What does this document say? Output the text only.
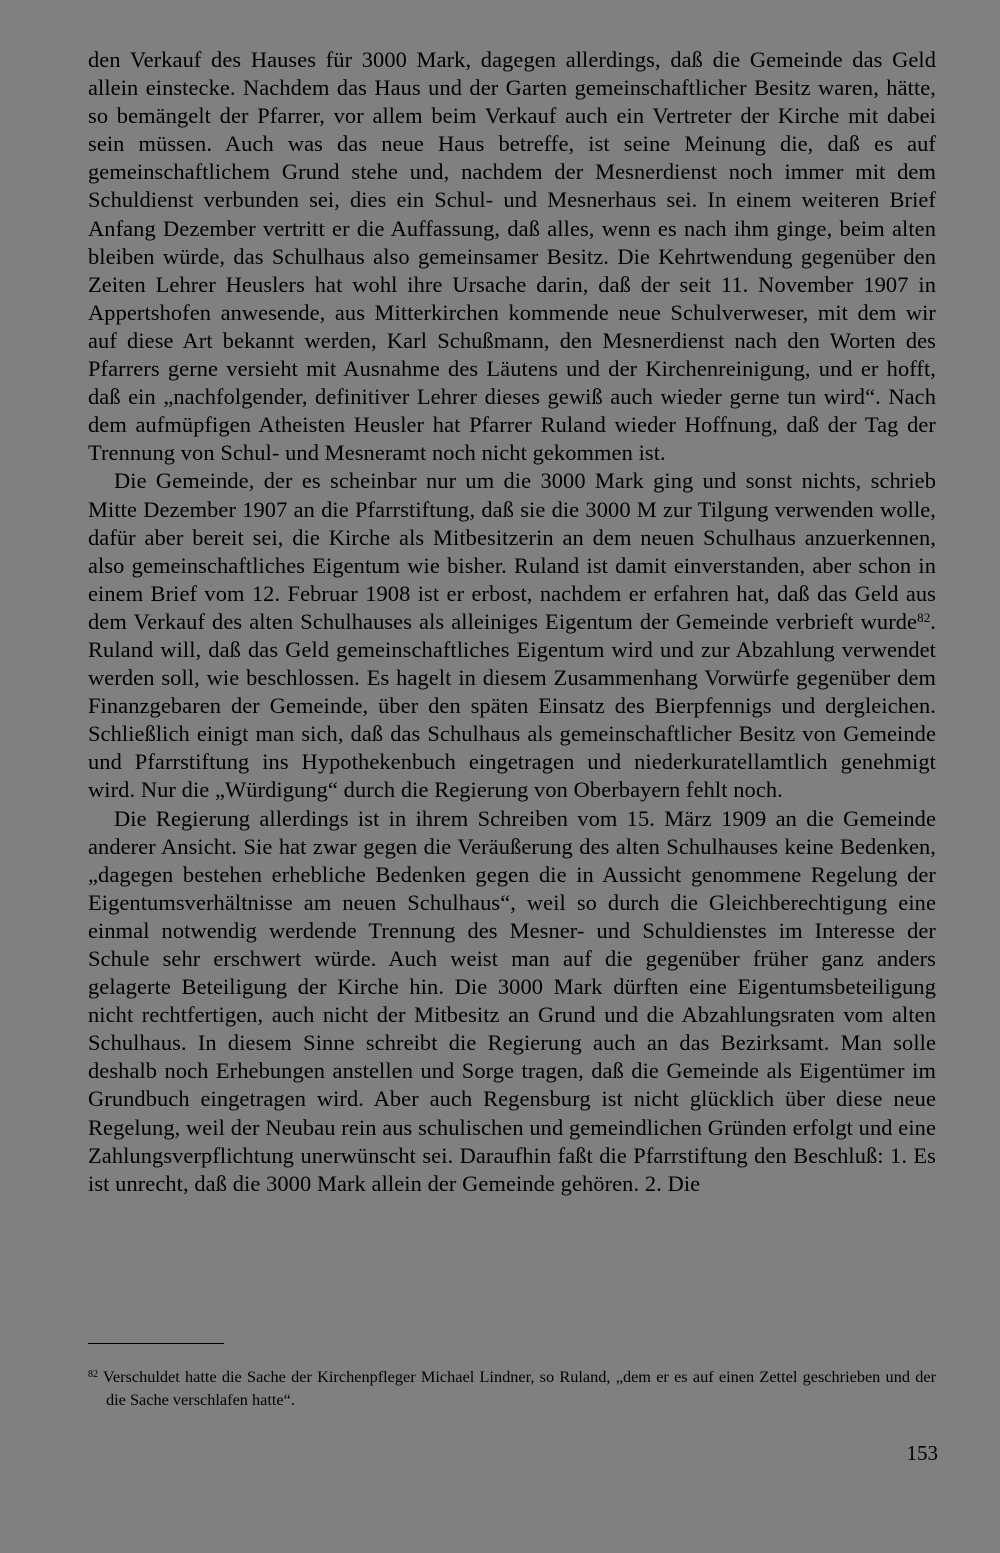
den Verkauf des Hauses für 3000 Mark, dagegen allerdings, daß die Gemeinde das Geld allein einstecke. Nachdem das Haus und der Garten gemeinschaftlicher Besitz waren, hätte, so bemängelt der Pfarrer, vor allem beim Verkauf auch ein Vertreter der Kirche mit dabei sein müssen. Auch was das neue Haus betreffe, ist seine Meinung die, daß es auf gemeinschaftlichem Grund stehe und, nachdem der Mesnerdienst noch immer mit dem Schuldienst verbunden sei, dies ein Schul- und Mesnerhaus sei. In einem weiteren Brief Anfang Dezember vertritt er die Auffassung, daß alles, wenn es nach ihm ginge, beim alten bleiben würde, das Schulhaus also gemeinsamer Besitz. Die Kehrtwendung gegenüber den Zeiten Lehrer Heuslers hat wohl ihre Ursache darin, daß der seit 11. November 1907 in Appertshofen anwesende, aus Mitterkirchen kommende neue Schulverweser, mit dem wir auf diese Art bekannt werden, Karl Schußmann, den Mesnerdienst nach den Worten des Pfarrers gerne versieht mit Ausnahme des Läutens und der Kirchenreinigung, und er hofft, daß ein „nachfolgender, definitiver Lehrer dieses gewiß auch wieder gerne tun wird“. Nach dem aufmüpfigen Atheisten Heusler hat Pfarrer Ruland wieder Hoffnung, daß der Tag der Trennung von Schul- und Mesneramt noch nicht gekommen ist.

Die Gemeinde, der es scheinbar nur um die 3000 Mark ging und sonst nichts, schrieb Mitte Dezember 1907 an die Pfarrstiftung, daß sie die 3000 M zur Tilgung verwenden wolle, dafür aber bereit sei, die Kirche als Mitbesitzerin an dem neuen Schulhaus anzuerkennen, also gemeinschaftliches Eigentum wie bisher. Ruland ist damit einverstanden, aber schon in einem Brief vom 12. Februar 1908 ist er erbost, nachdem er erfahren hat, daß das Geld aus dem Verkauf des alten Schulhauses als alleiniges Eigentum der Gemeinde verbrieft wurde$^{82}$. Ruland will, daß das Geld gemeinschaftliches Eigentum wird und zur Abzahlung verwendet werden soll, wie beschlossen. Es hagelt in diesem Zusammenhang Vorwürfe gegenüber dem Finanzgebaren der Gemeinde, über den späten Einsatz des Bierpfennigs und dergleichen. Schließlich einigt man sich, daß das Schulhaus als gemeinschaftlicher Besitz von Gemeinde und Pfarrstiftung ins Hypothekenbuch eingetragen und niederkuratellamtlich genehmigt wird. Nur die „Würdigung“ durch die Regierung von Oberbayern fehlt noch.

Die Regierung allerdings ist in ihrem Schreiben vom 15. März 1909 an die Gemeinde anderer Ansicht. Sie hat zwar gegen die Veräußerung des alten Schulhauses keine Bedenken, „dagegen bestehen erhebliche Bedenken gegen die in Aussicht genommene Regelung der Eigentumsverhältnisse am neuen Schulhaus“, weil so durch die Gleichberechtigung eine einmal notwendig werdende Trennung des Mesner- und Schuldienstes im Interesse der Schule sehr erschwert würde. Auch weist man auf die gegenüber früher ganz anders gelagerte Beteiligung der Kirche hin. Die 3000 Mark dürften eine Eigentumsbeteiligung nicht rechtfertigen, auch nicht der Mitbesitz an Grund und die Abzahlungsraten vom alten Schulhaus. In diesem Sinne schreibt die Regierung auch an das Bezirksamt. Man solle deshalb noch Erhebungen anstellen und Sorge tragen, daß die Gemeinde als Eigentümer im Grundbuch eingetragen wird. Aber auch Regensburg ist nicht glücklich über diese neue Regelung, weil der Neubau rein aus schulischen und gemeindlichen Gründen erfolgt und eine Zahlungsverpflichtung unerwünscht sei. Daraufhin faßt die Pfarrstiftung den Beschluß: 1. Es ist unrecht, daß die 3000 Mark allein der Gemeinde gehören. 2. Die

$^{82}$ Verschuldet hatte die Sache der Kirchenpfleger Michael Lindner, so Ruland, „dem er es auf einen Zettel geschrieben und der die Sache verschlafen hatte“.
153
